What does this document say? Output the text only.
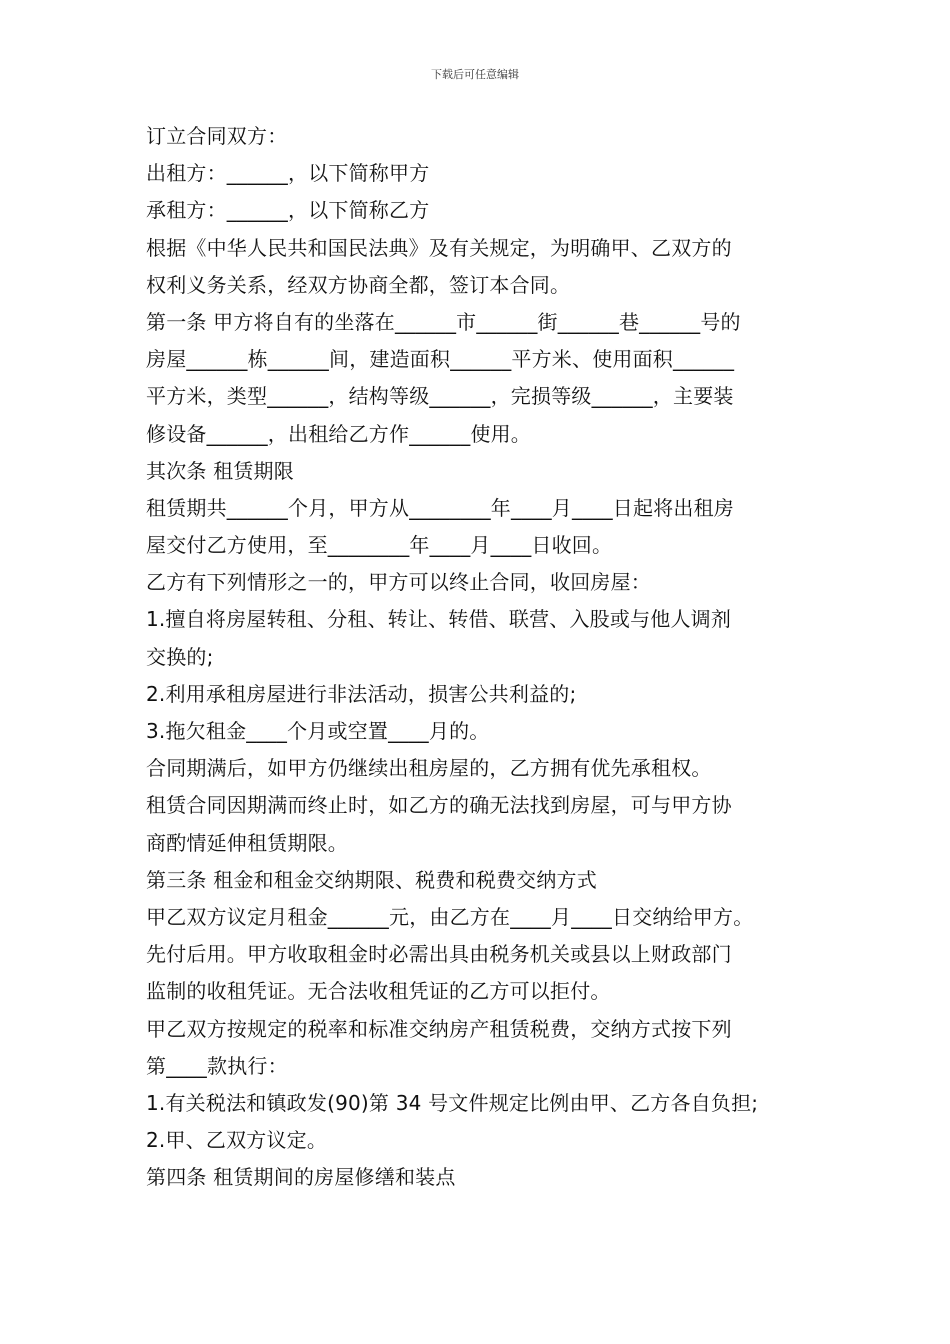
下载后可任意编辑
订立合同双方：
出租方：______，以下简称甲方
承租方：______，以下简称乙方
根据《中华人民共和国民法典》及有关规定，为明确甲、乙双方的
权利义务关系，经双方协商全都，签订本合同。
第一条 甲方将自有的坐落在______市______街______巷______号的
房屋______栋______间，建造面积______平方米、使用面积______
平方米，类型______，结构等级______，完损等级______，主要装
修设备______，出租给乙方作______使用。
其次条 租赁期限
租赁期共______个月，甲方从________年____月____日起将出租房
屋交付乙方使用，至________年____月____日收回。
乙方有下列情形之一的，甲方可以终止合同，收回房屋：
1.擅自将房屋转租、分租、转让、转借、联营、入股或与他人调剂
交换的;
2.利用承租房屋进行非法活动，损害公共利益的;
3.拖欠租金____个月或空置____月的。
合同期满后，如甲方仍继续出租房屋的，乙方拥有优先承租权。
租赁合同因期满而终止时，如乙方的确无法找到房屋，可与甲方协
商酌情延伸租赁期限。
第三条 租金和租金交纳期限、税费和税费交纳方式
甲乙双方议定月租金______元，由乙方在____月____日交纳给甲方。
先付后用。甲方收取租金时必需出具由税务机关或县以上财政部门
监制的收租凭证。无合法收租凭证的乙方可以拒付。
甲乙双方按规定的税率和标准交纳房产租赁税费，交纳方式按下列
第____款执行：
1.有关税法和镇政发(90)第 34 号文件规定比例由甲、乙方各自负担;
2.甲、乙双方议定。
第四条 租赁期间的房屋修缮和装点
